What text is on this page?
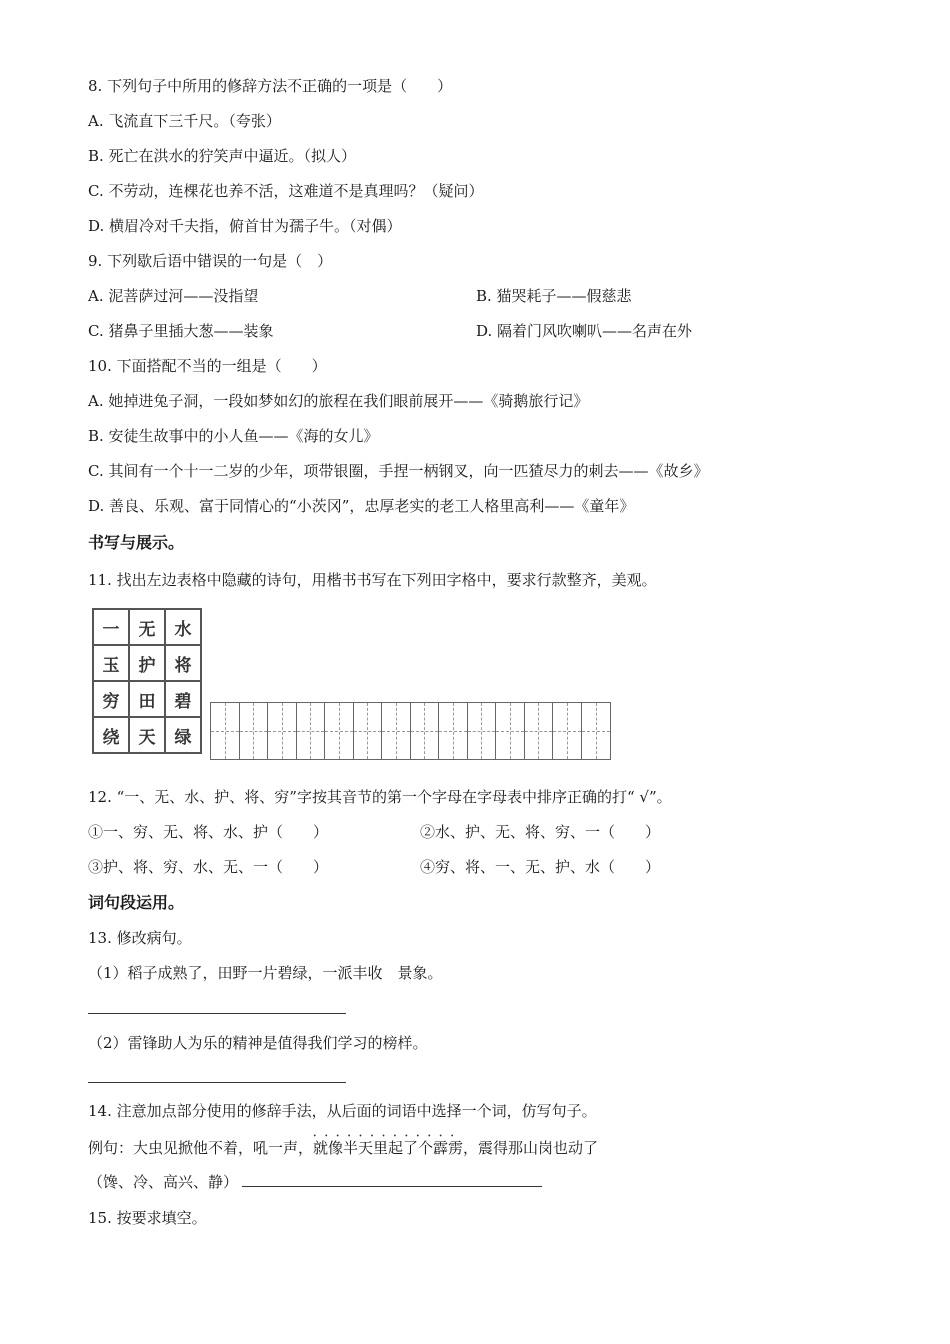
8. 下列句子中所用的修辞方法不正确的一项是（　　）
A. 飞流直下三千尺。（夸张）
B. 死亡在洪水的狞笑声中逼近。（拟人）
C. 不劳动，连棵花也养不活，这难道不是真理吗？（疑问）
D. 横眉冷对千夫指，俯首甘为孺子牛。（对偶）
9. 下列歇后语中错误的一句是（　）
A. 泥菩萨过河——没指望	B. 猫哭耗子——假慈悲
C. 猪鼻子里插大葱——装象	D. 隔着门风吹喇叭——名声在外
10. 下面搭配不当的一组是（　　）
A. 她掉进兔子洞，一段如梦如幻的旅程在我们眼前展开——《骑鹅旅行记》
B. 安徒生故事中的小人鱼——《海的女儿》
C. 其间有一个十一二岁的少年，项带银圈，手捏一柄钢叉，向一匹猹尽力的刺去——《故乡》
D. 善良、乐观、富于同情心的“小茨冈”，忠厚老实的老工人格里高利——《童年》
书写与展示。
11. 找出左边表格中隐藏的诗句，用楷书书写在下列田字格中，要求行款整齐，美观。
一	无	水
玉	护	将
穷	田	碧
绕	天	绿
12. “一、无、水、护、将、穷”字按其音节的第一个字母在字母表中排序正确的打“ √”。
①一、穷、无、将、水、护（　　）	②水、护、无、将、穷、一（　　）
③护、将、穷、水、无、一（　　）	④穷、将、一、无、护、水（　　）
词句段运用。
13. 修改病句。
（1）稻子成熟了，田野一片碧绿，一派丰收　景象。
（2）雷锋助人为乐的精神是值得我们学习的榜样。
14. 注意加点部分使用的修辞手法，从后面的词语中选择一个词，仿写句子。
例句：大虫见掀他不着，吼一声，就像半天里起了个霹雳 • • •，震得那山岗也动了
（馋、冷、高兴、静）
15. 按要求填空。
